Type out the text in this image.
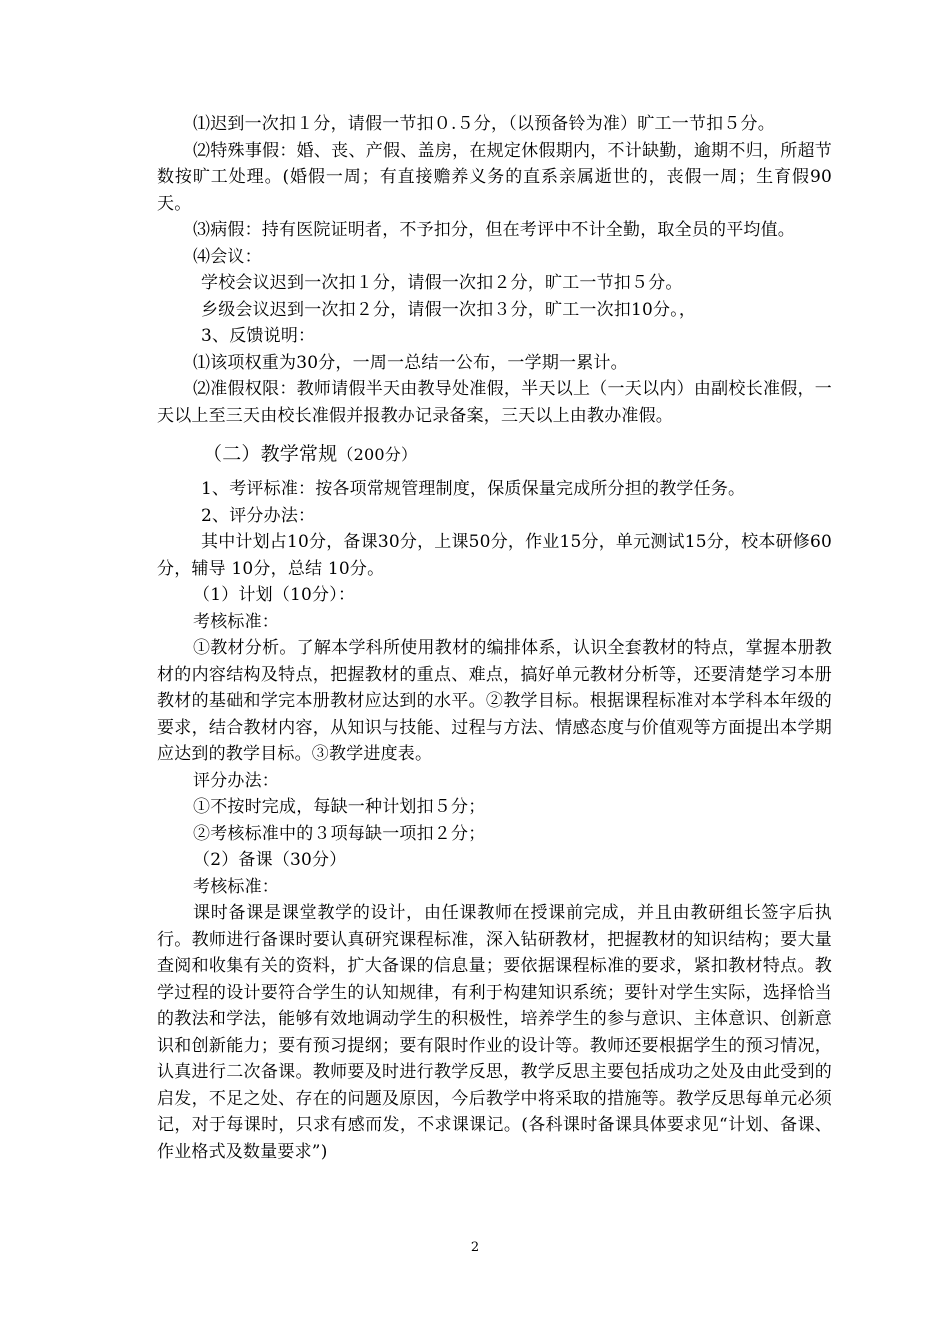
⑴迟到一次扣１分，请假一节扣０.５分，（以预备铃为准）旷工一节扣５分。

⑵特殊事假：婚、丧、产假、盖房，在规定休假期内，不计缺勤，逾期不归，所超节数按旷工处理。(婚假一周；有直接赡养义务的直系亲属逝世的，丧假一周；生育假90天。

⑶病假：持有医院证明者，不予扣分，但在考评中不计全勤，取全员的平均值。

⑷会议：

学校会议迟到一次扣１分，请假一次扣２分，旷工一节扣５分。

乡级会议迟到一次扣２分，请假一次扣３分，旷工一次扣10分。，

3、反馈说明：

⑴该项权重为30分，一周一总结一公布，一学期一累计。

⑵准假权限：教师请假半天由教导处准假，半天以上（一天以内）由副校长准假，一天以上至三天由校长准假并报教办记录备案，三天以上由教办准假。

（二）教学常规（200分）

1、考评标准：按各项常规管理制度，保质保量完成所分担的教学任务。

2、评分办法：

其中计划占10分，备课30分，上课50分，作业15分，单元测试15分，校本研修60分，辅导 10分，总结 10分。

（1）计划（10分）：

考核标准：

①教材分析。了解本学科所使用教材的编排体系，认识全套教材的特点，掌握本册教材的内容结构及特点，把握教材的重点、难点，搞好单元教材分析等，还要清楚学习本册教材的基础和学完本册教材应达到的水平。②教学目标。根据课程标准对本学科本年级的要求，结合教材内容，从知识与技能、过程与方法、情感态度与价值观等方面提出本学期应达到的教学目标。③教学进度表。

评分办法：

①不按时完成，每缺一种计划扣５分；

②考核标准中的３项每缺一项扣２分；

（2）备课（30分）

考核标准：

课时备课是课堂教学的设计，由任课教师在授课前完成，并且由教研组长签字后执行。教师进行备课时要认真研究课程标准，深入钻研教材，把握教材的知识结构；要大量查阅和收集有关的资料，扩大备课的信息量；要依据课程标准的要求，紧扣教材特点。教学过程的设计要符合学生的认知规律，有利于构建知识系统；要针对学生实际，选择恰当的教法和学法，能够有效地调动学生的积极性，培养学生的参与意识、主体意识、创新意识和创新能力；要有预习提纲；要有限时作业的设计等。教师还要根据学生的预习情况，认真进行二次备课。教师要及时进行教学反思，教学反思主要包括成功之处及由此受到的启发，不足之处、存在的问题及原因，今后教学中将采取的措施等。教学反思每单元必须记，对于每课时，只求有感而发，不求课课记。(各科课时备课具体要求见“计划、备课、作业格式及数量要求”)

2
